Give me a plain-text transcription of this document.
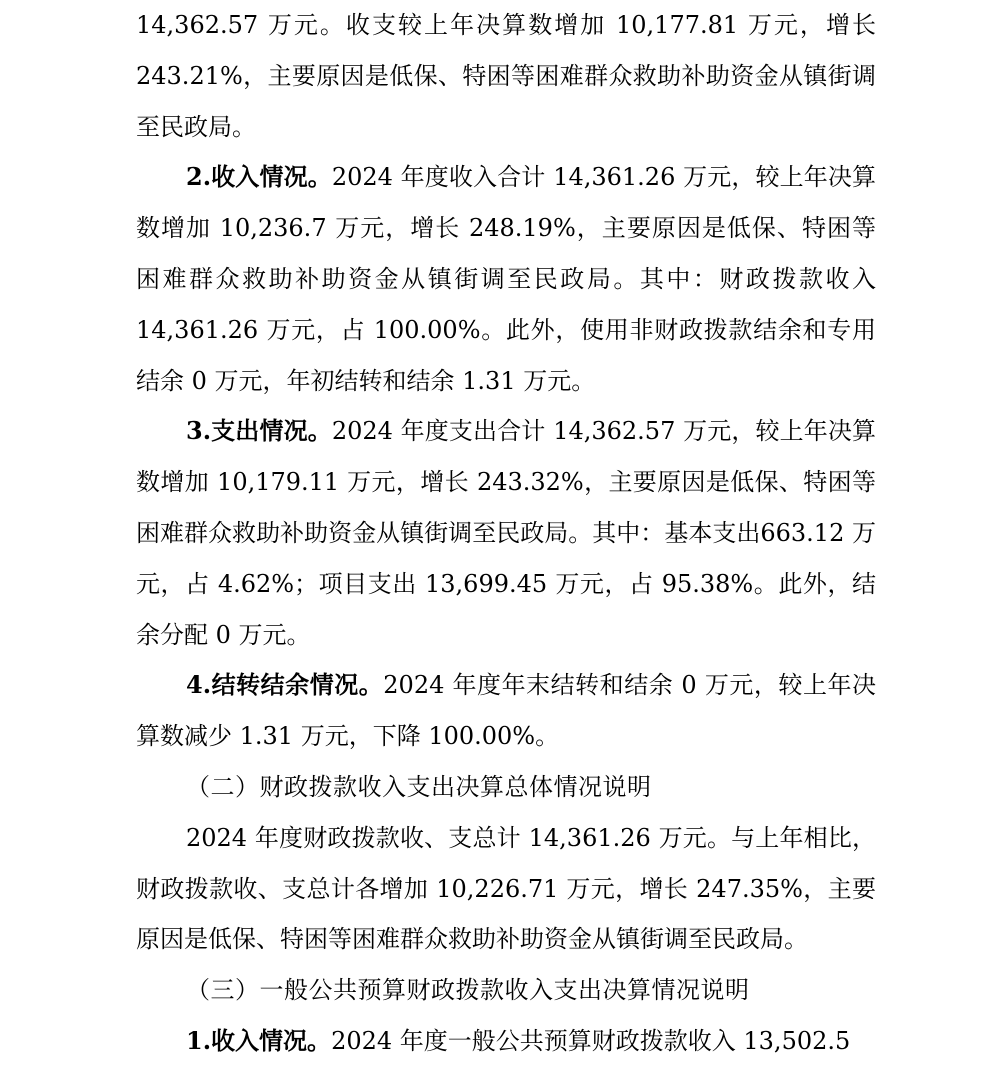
14,362.57 万元。收支较上年决算数增加 10,177.81 万元，增长243.21%，主要原因是低保、特困等困难群众救助补助资金从镇街调至民政局。

2.收入情况。2024 年度收入合计 14,361.26 万元，较上年决算数增加 10,236.7 万元，增长 248.19%，主要原因是低保、特困等困难群众救助补助资金从镇街调至民政局。其中：财政拨款收入 14,361.26 万元，占 100.00%。此外，使用非财政拨款结余和专用结余 0 万元，年初结转和结余 1.31 万元。

3.支出情况。2024 年度支出合计 14,362.57 万元，较上年决算数增加 10,179.11 万元，增长 243.32%，主要原因是低保、特困等困难群众救助补助资金从镇街调至民政局。其中：基本支出663.12 万元，占 4.62%；项目支出 13,699.45 万元，占 95.38%。此外，结余分配 0 万元。

4.结转结余情况。2024 年度年末结转和结余 0 万元，较上年决算数减少 1.31 万元，下降 100.00%。

（二）财政拨款收入支出决算总体情况说明

2024 年度财政拨款收、支总计 14,361.26 万元。与上年相比，财政拨款收、支总计各增加 10,226.71 万元，增长 247.35%，主要原因是低保、特困等困难群众救助补助资金从镇街调至民政局。

（三）一般公共预算财政拨款收入支出决算情况说明

1.收入情况。2024 年度一般公共预算财政拨款收入 13,502.5
